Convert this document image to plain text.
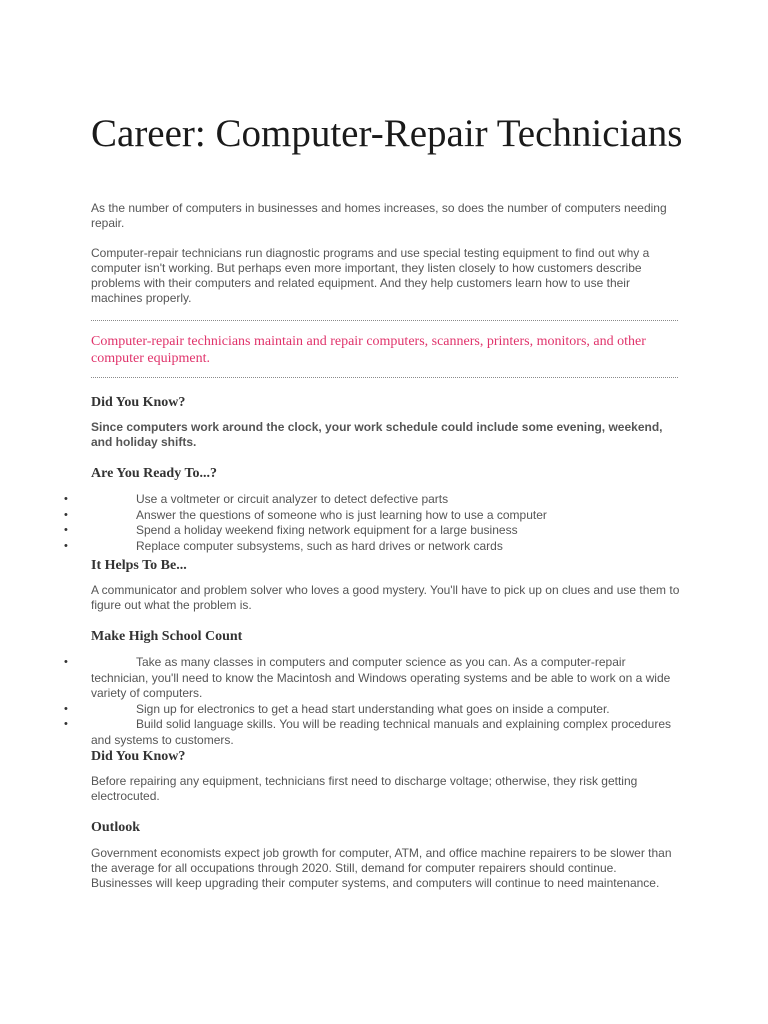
Career: Computer-Repair Technicians

As the number of computers in businesses and homes increases, so does the number of computers needing repair.

Computer-repair technicians run diagnostic programs and use special testing equipment to find out why a computer isn't working. But perhaps even more important, they listen closely to how customers describe problems with their computers and related equipment. And they help customers learn how to use their machines properly.

Computer-repair technicians maintain and repair computers, scanners, printers, monitors, and other computer equipment.

Did You Know?

Since computers work around the clock, your work schedule could include some evening, weekend, and holiday shifts.

Are You Ready To...?
•	Use a voltmeter or circuit analyzer to detect defective parts
•	Answer the questions of someone who is just learning how to use a computer
•	Spend a holiday weekend fixing network equipment for a large business
•	Replace computer subsystems, such as hard drives or network cards
It Helps To Be...

A communicator and problem solver who loves a good mystery. You'll have to pick up on clues and use them to figure out what the problem is.

Make High School Count
•	Take as many classes in computers and computer science as you can. As a computer-repair technician, you'll need to know the Macintosh and Windows operating systems and be able to work on a wide variety of computers.
•	Sign up for electronics to get a head start understanding what goes on inside a computer.
•	Build solid language skills. You will be reading technical manuals and explaining complex procedures and systems to customers.
Did You Know?

Before repairing any equipment, technicians first need to discharge voltage; otherwise, they risk getting electrocuted.

Outlook

Government economists expect job growth for computer, ATM, and office machine repairers to be slower than the average for all occupations through 2020. Still, demand for computer repairers should continue. Businesses will keep upgrading their computer systems, and computers will continue to need maintenance.
